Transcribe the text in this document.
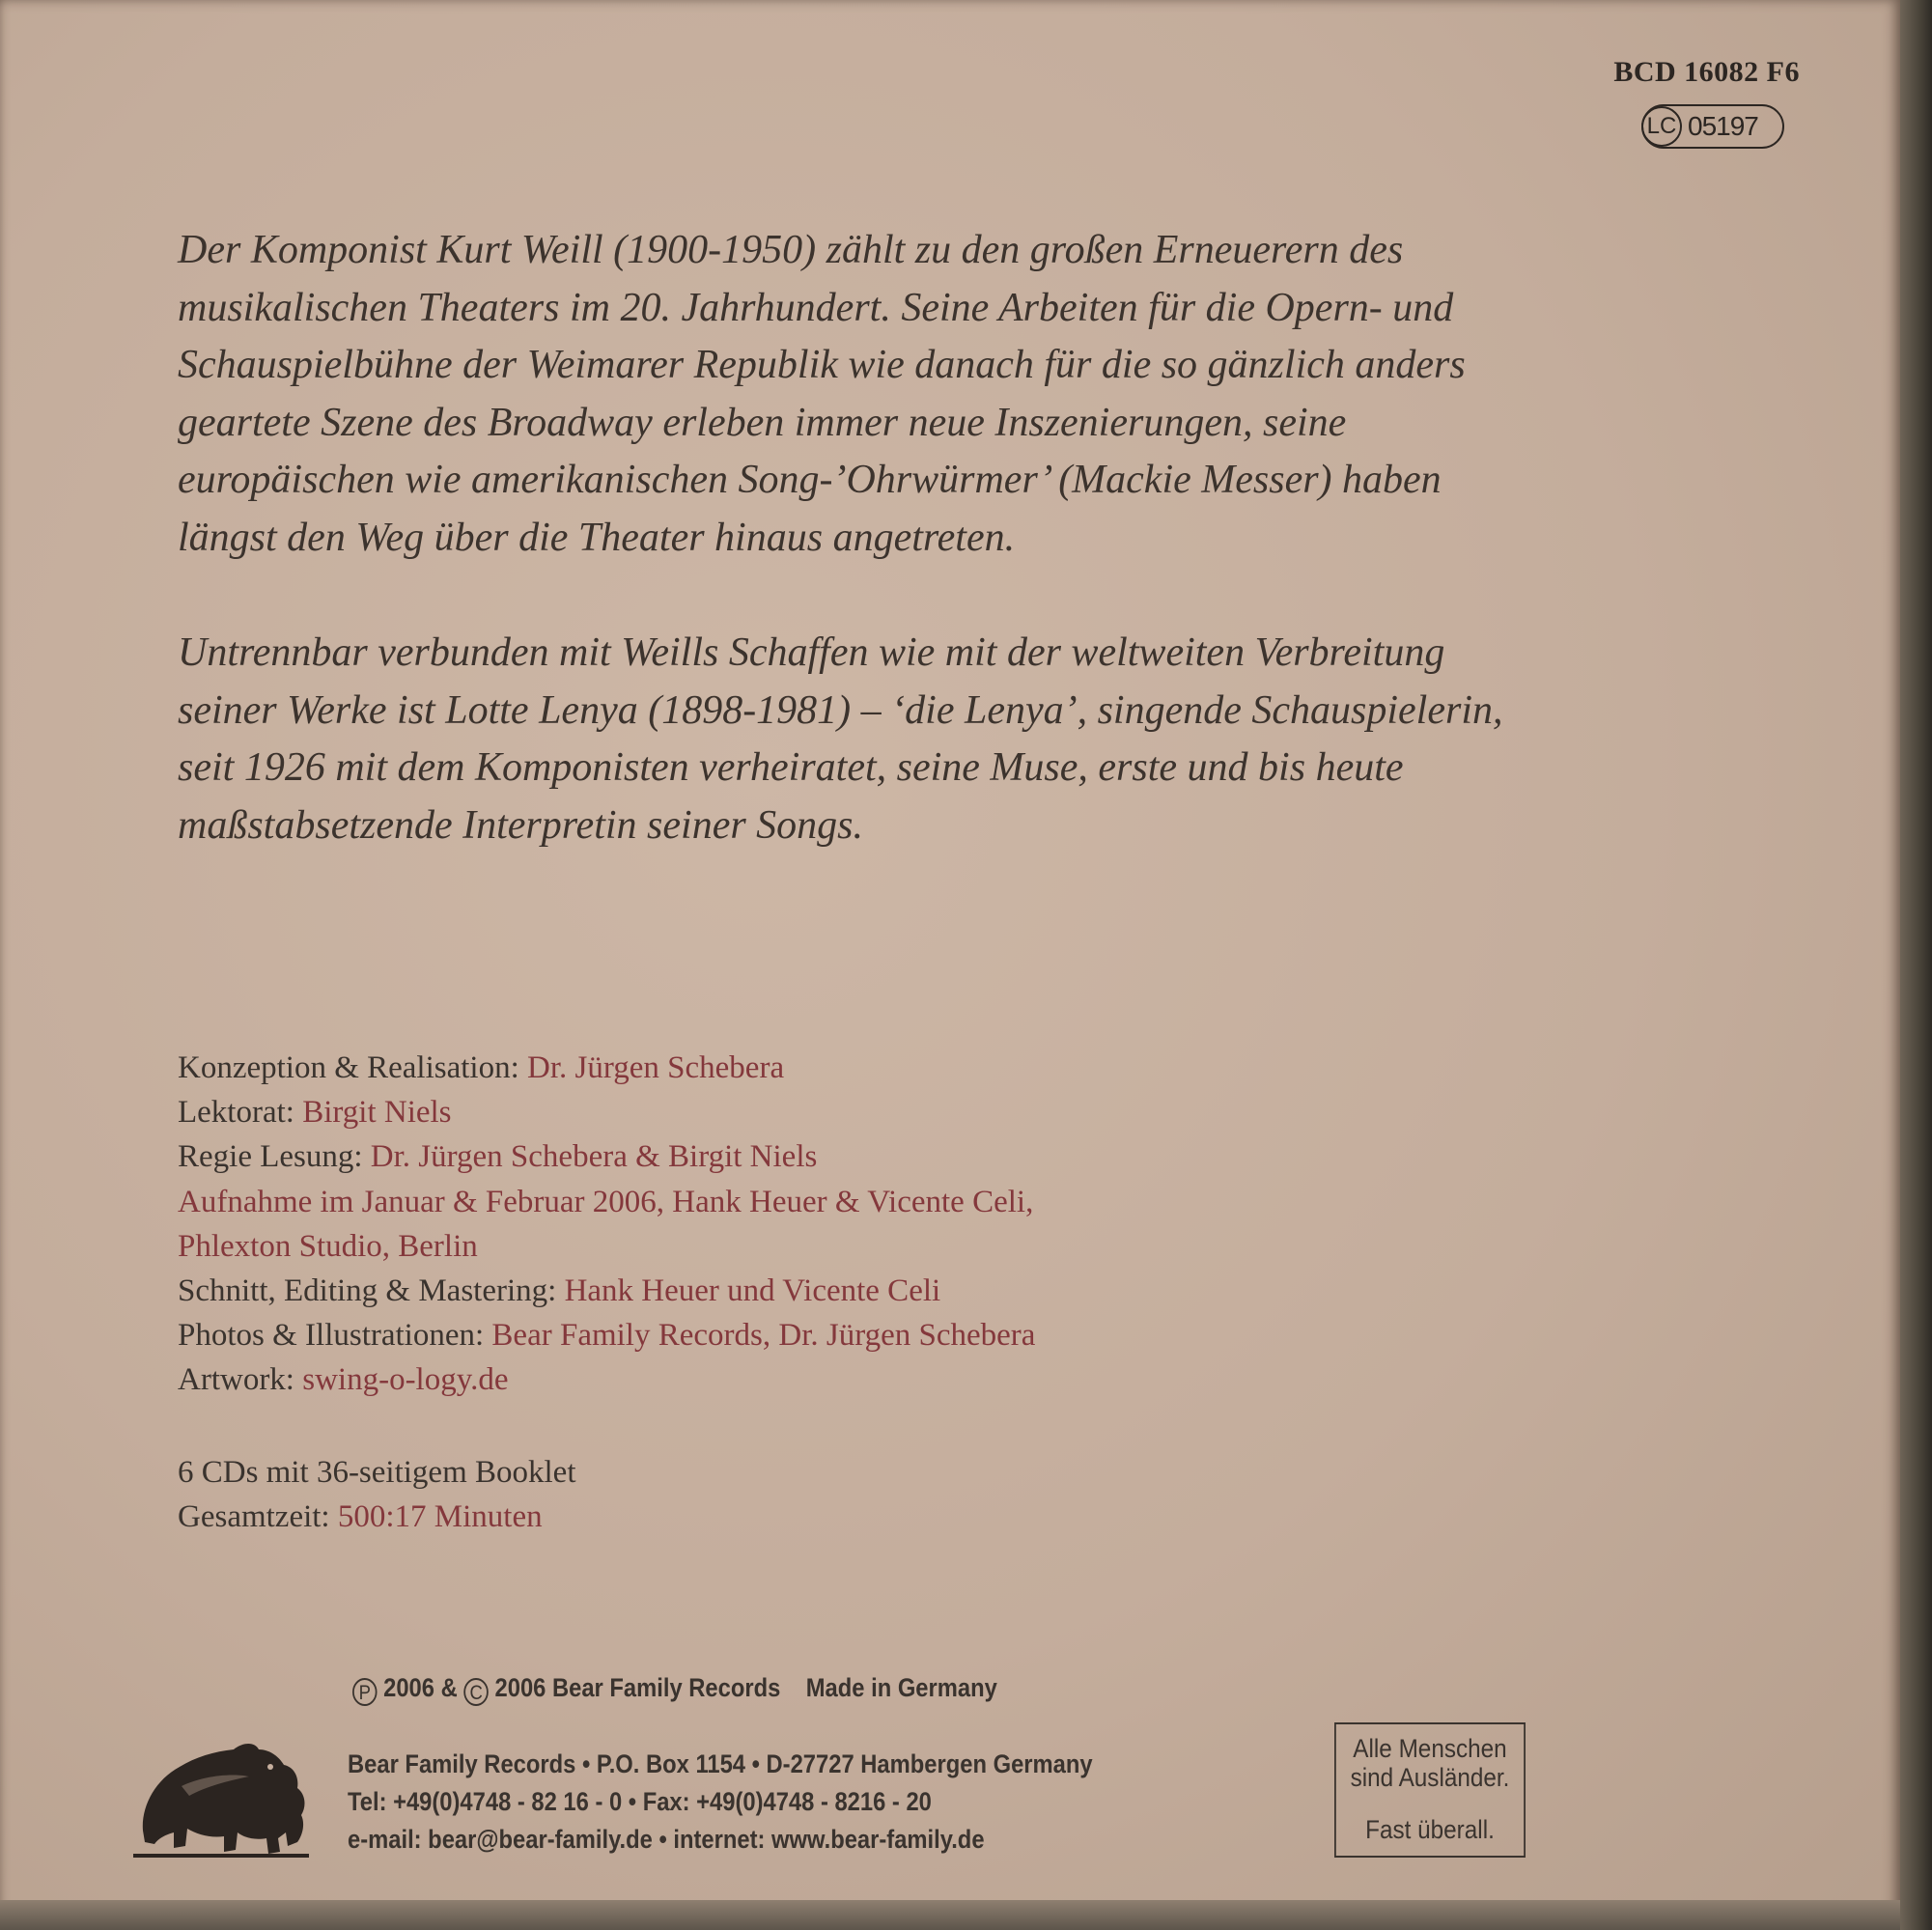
BCD 16082 F6
LC 05197
Der Komponist Kurt Weill (1900-1950) zählt zu den großen Erneuerern des
musikalischen Theaters im 20. Jahrhundert. Seine Arbeiten für die Opern- und
Schauspielbühne der Weimarer Republik wie danach für die so gänzlich anders
geartete Szene des Broadway erleben immer neue Inszenierungen, seine
europäischen wie amerikanischen Song-’Ohrwürmer’ (Mackie Messer) haben
längst den Weg über die Theater hinaus angetreten.
Untrennbar verbunden mit Weills Schaffen wie mit der weltweiten Verbreitung
seiner Werke ist Lotte Lenya (1898-1981) – ‘die Lenya’, singende Schauspielerin,
seit 1926 mit dem Komponisten verheiratet, seine Muse, erste und bis heute
maßstabsetzende Interpretin seiner Songs.
Konzeption & Realisation: Dr. Jürgen Schebera
Lektorat: Birgit Niels
Regie Lesung: Dr. Jürgen Schebera & Birgit Niels
Aufnahme im Januar & Februar 2006, Hank Heuer & Vicente Celi,
Phlexton Studio, Berlin
Schnitt, Editing & Mastering: Hank Heuer und Vicente Celi
Photos & Illustrationen: Bear Family Records, Dr. Jürgen Schebera
Artwork: swing-o-logy.de
6 CDs mit 36-seitigem Booklet
Gesamtzeit: 500:17 Minuten
P 2006 & C 2006 Bear Family Records Made in Germany
Bear Family Records • P.O. Box 1154 • D-27727 Hambergen Germany
Tel: +49(0)4748 - 82 16 - 0 • Fax: +49(0)4748 - 8216 - 20
e-mail: bear@bear-family.de • internet: www.bear-family.de
Alle Menschen
sind Ausländer.
Fast überall.
